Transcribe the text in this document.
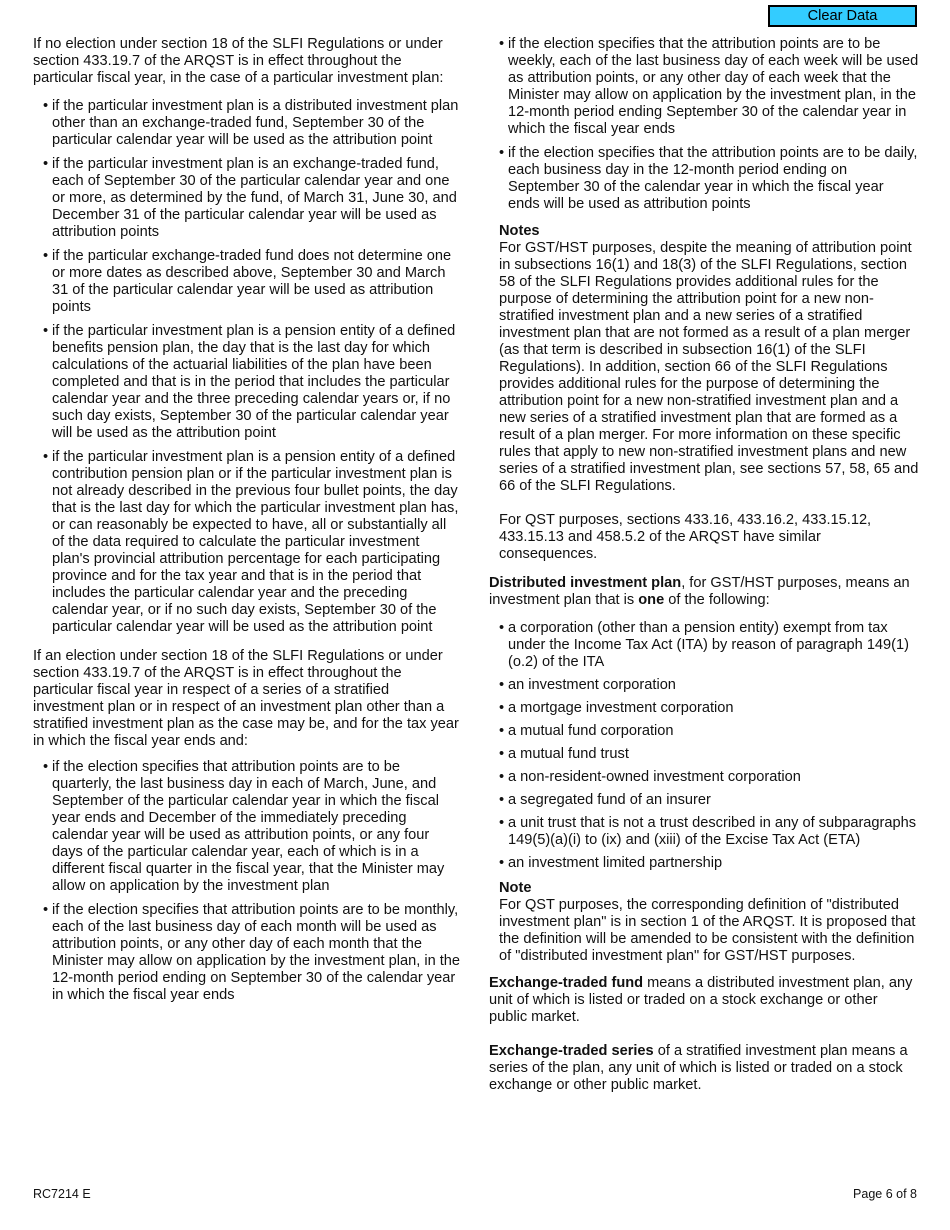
Clear Data

If no election under section 18 of the SLFI Regulations or under section 433.19.7 of the ARQST is in effect throughout the particular fiscal year, in the case of a particular investment plan:

• if the particular investment plan is a distributed investment plan other than an exchange-traded fund, September 30 of the particular calendar year will be used as the attribution point
• if the particular investment plan is an exchange-traded fund, each of September 30 of the particular calendar year and one or more, as determined by the fund, of March 31, June 30, and December 31 of the particular calendar year will be used as attribution points
• if the particular exchange-traded fund does not determine one or more dates as described above, September 30 and March 31 of the particular calendar year will be used as attribution points
• if the particular investment plan is a pension entity of a defined benefits pension plan, the day that is the last day for which calculations of the actuarial liabilities of the plan have been completed and that is in the period that includes the particular calendar year and the three preceding calendar years or, if no such day exists, September 30 of the particular calendar year will be used as the attribution point
• if the particular investment plan is a pension entity of a defined contribution pension plan or if the particular investment plan is not already described in the previous four bullet points, the day that is the last day for which the particular investment plan has, or can reasonably be expected to have, all or substantially all of the data required to calculate the particular investment plan's provincial attribution percentage for each participating province and for the tax year and that is in the period that includes the particular calendar year and the preceding calendar year, or if no such day exists, September 30 of the particular calendar year will be used as the attribution point

If an election under section 18 of the SLFI Regulations or under section 433.19.7 of the ARQST is in effect throughout the particular fiscal year in respect of a series of a stratified investment plan or in respect of an investment plan other than a stratified investment plan as the case may be, and for the tax year in which the fiscal year ends and:

• if the election specifies that attribution points are to be quarterly, the last business day in each of March, June, and September of the particular calendar year in which the fiscal year ends and December of the immediately preceding calendar year will be used as attribution points, or any four days of the particular calendar year, each of which is in a different fiscal quarter in the fiscal year, that the Minister may allow on application by the investment plan
• if the election specifies that attribution points are to be monthly, each of the last business day of each month will be used as attribution points, or any other day of each month that the Minister may allow on application by the investment plan, in the 12-month period ending on September 30 of the calendar year in which the fiscal year ends
• if the election specifies that the attribution points are to be weekly, each of the last business day of each week will be used as attribution points, or any other day of each week that the Minister may allow on application by the investment plan, in the 12-month period ending September 30 of the calendar year in which the fiscal year ends
• if the election specifies that the attribution points are to be daily, each business day in the 12-month period ending on September 30 of the calendar year in which the fiscal year ends will be used as attribution points
Notes

For GST/HST purposes, despite the meaning of attribution point in subsections 16(1) and 18(3) of the SLFI Regulations, section 58 of the SLFI Regulations provides additional rules for the purpose of determining the attribution point for a new non-stratified investment plan and a new series of a stratified investment plan that are not formed as a result of a plan merger (as that term is described in subsection 16(1) of the SLFI Regulations). In addition, section 66 of the SLFI Regulations provides additional rules for the purpose of determining the attribution point for a new non-stratified investment plan and a new series of a stratified investment plan that are formed as a result of a plan merger. For more information on these specific rules that apply to new non-stratified investment plans and new series of a stratified investment plan, see sections 57, 58, 65 and 66 of the SLFI Regulations.

For QST purposes, sections 433.16, 433.16.2, 433.15.12, 433.15.13 and 458.5.2 of the ARQST have similar consequences.

Distributed investment plan, for GST/HST purposes, means an investment plan that is one of the following:

• a corporation (other than a pension entity) exempt from tax under the Income Tax Act (ITA) by reason of paragraph 149(1)(o.2) of the ITA
• an investment corporation
• a mortgage investment corporation
• a mutual fund corporation
• a mutual fund trust
• a non-resident-owned investment corporation
• a segregated fund of an insurer
• a unit trust that is not a trust described in any of subparagraphs 149(5)(a)(i) to (ix) and (xiii) of the Excise Tax Act (ETA)
• an investment limited partnership
Note

For QST purposes, the corresponding definition of "distributed investment plan" is in section 1 of the ARQST. It is proposed that the definition will be amended to be consistent with the definition of "distributed investment plan" for GST/HST purposes.

Exchange-traded fund means a distributed investment plan, any unit of which is listed or traded on a stock exchange or other public market.

Exchange-traded series of a stratified investment plan means a series of the plan, any unit of which is listed or traded on a stock exchange or other public market.

RC7214 E	Page 6 of 8
